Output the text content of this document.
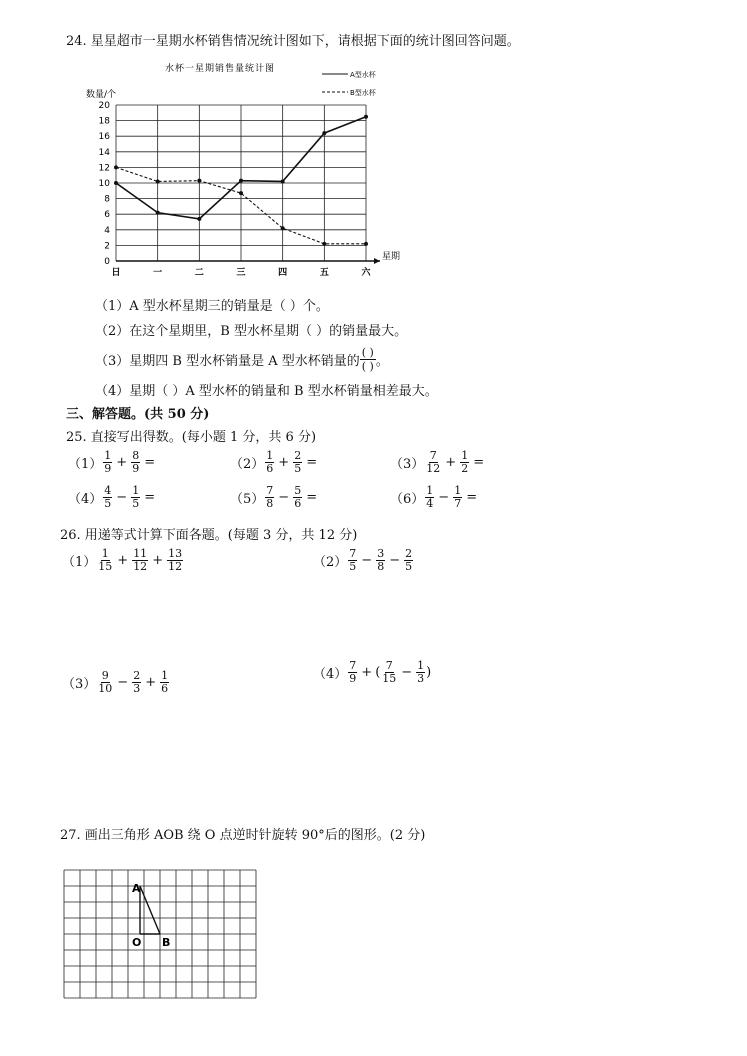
24. 星星超市一星期水杯销售情况统计图如下，请根据下面的统计图回答问题。
水杯一星期销售量统计图
A型水杯
B型水杯
数量/个
0
2
4
6
8
10
12
14
16
18
20
日	一	二	三	四	五	六
星期
（1）A 型水杯星期三的销量是（ ）个。
（2）在这个星期里，B 型水杯星期（ ）的销量最大。
（3）星期四 B 型水杯销量是 A 型水杯销量的 $\frac{( )}{( )}$ 。
（4）星期（ ）A 型水杯的销量和 B 型水杯销量相差最大。
三、解答题。(共 50 分)
25. 直接写出得数。(每小题 1 分，共 6 分)
$(1) \frac{1}{9} + \frac{8}{9}$ =	$(2) \frac{1}{6} + \frac{2}{5}$ =	$(3) \frac{7}{12} + \frac{1}{2}$ =
$(4) \frac{4}{5} - \frac{1}{5}$ =	$(5) \frac{7}{8} - \frac{5}{6}$ =	$(6) \frac{1}{4} - \frac{1}{7}$ =
26. 用递等式计算下面各题。(每题 3 分，共 12 分)
$(1) \frac{1}{15} + \frac{11}{12} + \frac{13}{12}$	$(2) \frac{7}{5} - \frac{3}{8} - \frac{2}{5}$
$(3) \frac{9}{10} - \frac{2}{3} + \frac{1}{6}$	$(4) \frac{7}{9}$ + ( $\frac{7}{15} - \frac{1}{3}$ )
27. 画出三角形 AOB 绕 O 点逆时针旋转 90°后的图形。(2 分)
A
O B
